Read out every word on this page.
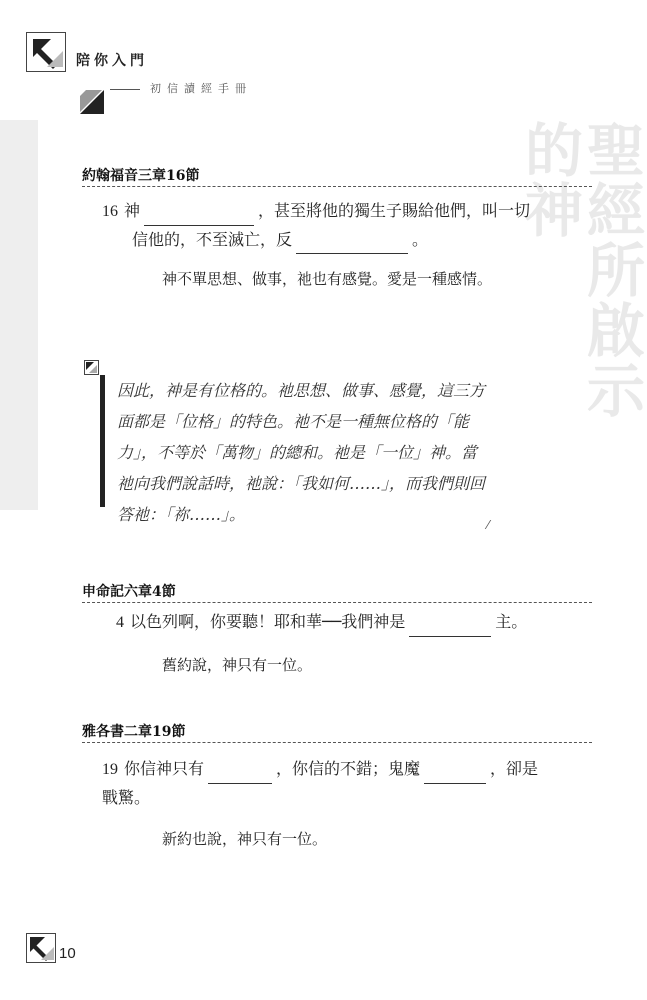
聖經所啟示的神
陪你入門
初信讀經手冊
約翰福音三章16節
16 神	，甚至將他的獨生子賜給他們，叫一切
信他的，不至滅亡，反	。
神不單思想、做事，祂也有感覺。愛是一種感情。
因此，神是有位格的。祂思想、做事、感覺，這三方
面都是「位格」的特色。祂不是一種無位格的「能
力」，不等於「萬物」的總和。祂是「一位」神。當
祂向我們說話時，祂說：「我如何……」，而我們則回
答祂：「祢……」。
⁄
申命記六章4節
4 以色列啊，你要聽！耶和華──我們神是	主。
舊約說，神只有一位。
雅各書二章19節
19 你信神只有	，你信的不錯；鬼魔	，卻是
戰驚。
新約也說，神只有一位。
10
